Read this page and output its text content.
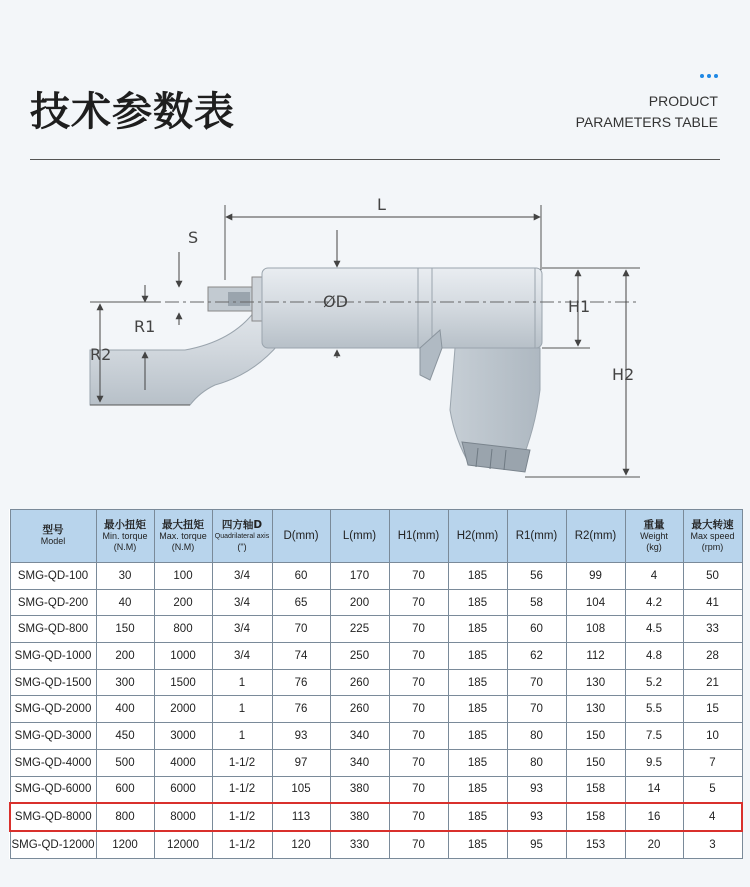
技术参数表	PRODUCT
PARAMETERS TABLE
L
S
ØD
R1
R2
H1
H2
型号
Model	最小扭矩
Min. torque
(N.M)	最大扭矩
Max. torque
(N.M)	四方轴D
Quadrilateral axis
(")	D(mm)	L(mm)	H1(mm)	H2(mm)	R1(mm)	R2(mm)	重量
Weight
(kg)	最大转速
Max speed
(rpm)

SMG-QD-100	30	100	3/4	60	170	70	185	56	99	4	50
SMG-QD-200	40	200	3/4	65	200	70	185	58	104	4.2	41
SMG-QD-800	150	800	3/4	70	225	70	185	60	108	4.5	33
SMG-QD-1000	200	1000	3/4	74	250	70	185	62	112	4.8	28
SMG-QD-1500	300	1500	1	76	260	70	185	70	130	5.2	21
SMG-QD-2000	400	2000	1	76	260	70	185	70	130	5.5	15
SMG-QD-3000	450	3000	1	93	340	70	185	80	150	7.5	10
SMG-QD-4000	500	4000	1-1/2	97	340	70	185	80	150	9.5	7
SMG-QD-6000	600	6000	1-1/2	105	380	70	185	93	158	14	5
SMG-QD-8000	800	8000	1-1/2	113	380	70	185	93	158	16	4
SMG-QD-12000	1200	12000	1-1/2	120	330	70	185	95	153	20	3
